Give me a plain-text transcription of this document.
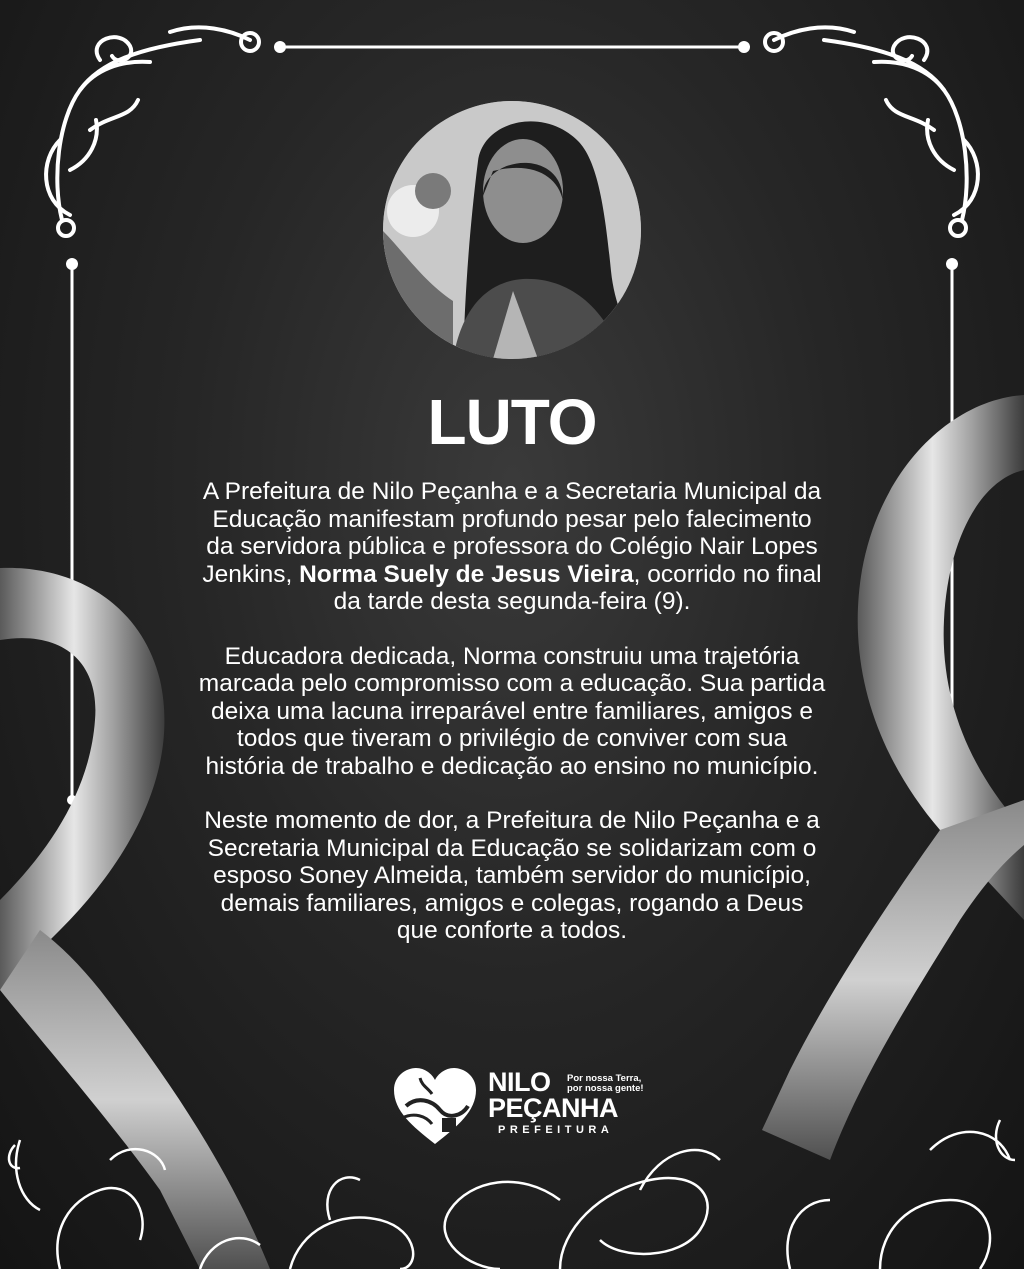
LUTO

A Prefeitura de Nilo Peçanha e a Secretaria Municipal da Educação manifestam profundo pesar pelo falecimento da servidora pública e professora do Colégio Nair Lopes Jenkins, Norma Suely de Jesus Vieira, ocorrido no final da tarde desta segunda-feira (9).

Educadora dedicada, Norma construiu uma trajetória marcada pelo compromisso com a educação. Sua partida deixa uma lacuna irreparável entre familiares, amigos e todos que tiveram o privilégio de conviver com sua história de trabalho e dedicação ao ensino no município.

Neste momento de dor, a Prefeitura de Nilo Peçanha e a Secretaria Municipal da Educação se solidarizam com o esposo Soney Almeida, também servidor do município, demais familiares, amigos e colegas, rogando a Deus que conforte a todos.

NILO
PEÇANHA
Por nossa Terra,
por nossa gente!
PREFEITURA
